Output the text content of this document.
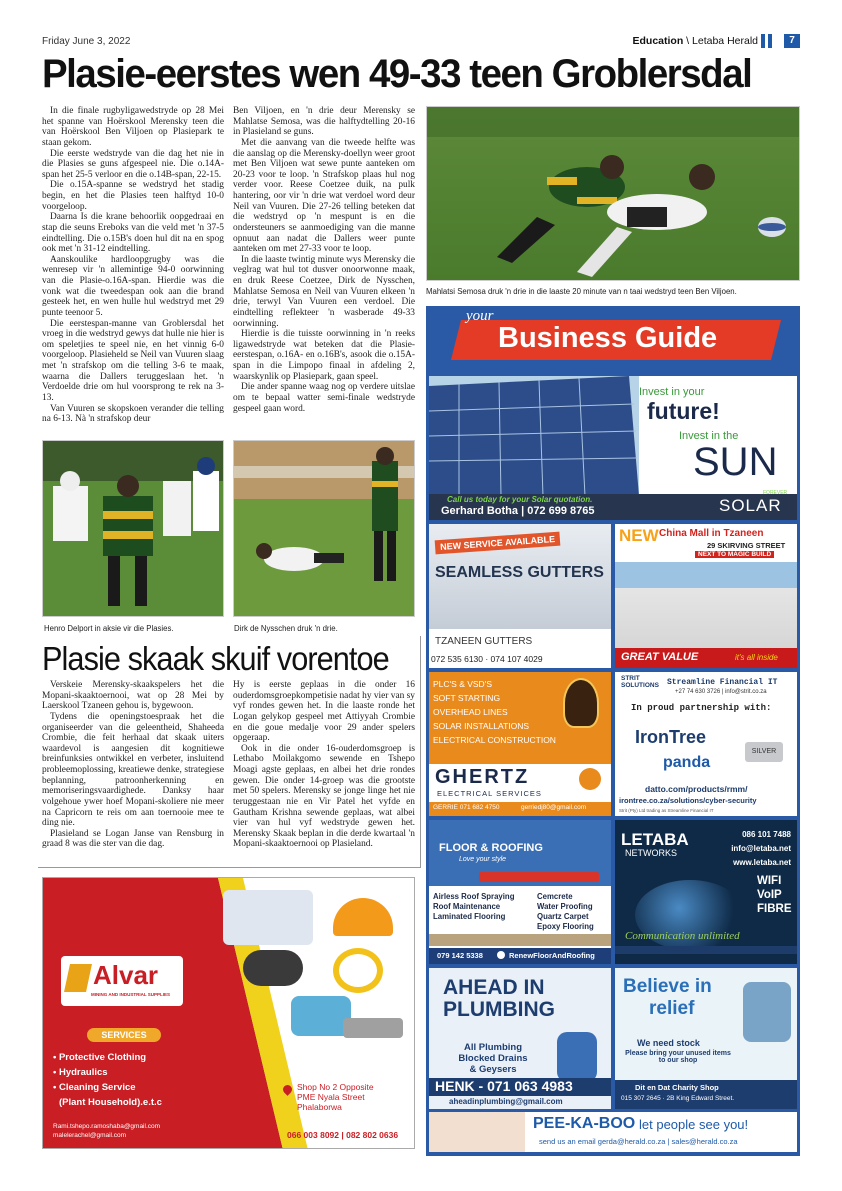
Friday June 3, 2022	Education \ Letaba Herald	7
Plasie-eerstes wen 49-33 teen Groblersdal

In die finale rugbyligawedstryde op 28 Mei het spanne van Hoërskool Merensky teen die van Hoërskool Ben Viljoen op Plasiepark te staan gekom.

Die eerste wedstryde van die dag het nie in die Plasies se guns afgespeel nie. Die o.14A-span het 25-5 verloor en die o.14B-span, 22-15.

Die o.15A-spanne se wedstryd het stadig begin, en het die Plasies teen halftyd 10-0 voorgeloop.

Daarna Is die krane behoorlik oopgedraai en stap die seuns Ereboks van die veld met 'n 37-5 eindtelling. Die o.15B's doen hul dit na en spog ook met 'n 31-12 eindtelling.

Aanskoulike hardloopgrugby was die wenresep vir 'n allemintige 94-0 oorwinning van die Plasie-o.16A-span. Hierdie was die vonk wat die tweedespan ook aan die brand gesteek het, en wen hulle hul wedstryd met 29 punte teenoor 5.

Die eerstespan-manne van Groblersdal het vroeg in die wedstryd gewys dat hulle nie hier is om speletjies te speel nie, en het vinnig 6-0 voorgeloop. Plasieheld se Neil van Vuuren slaag met 'n strafskop om die telling 3-6 te maak, waarna die Dallers teruggeslaan het. 'n Verdoelde drie om hul voorsprong te rek na 3-13.

Van Vuuren se skopskoen verander die telling na 6-13. Nà 'n strafskop deur

Ben Viljoen, en 'n drie deur Merensky se Mahlatse Semosa, was die halftydtelling 20-16 in Plasieland se guns.

Met die aanvang van die tweede helfte was die aanslag op die Merensky-doellyn weer groot met Ben Viljoen wat sewe punte aanteken om 20-23 voor te loop. 'n Strafskop plaas hul nog verder voor. Reese Coetzee duik, na pulk hantering, oor vir 'n drie wat verdoel word deur Neil van Vuuren. Die 27-26 telling beteken dat die wedstryd op 'n mespunt is en die ondersteuners se aanmoediging van die manne opnuut aan nadat die Dallers weer punte aanteken om met 27-33 voor te loop.

In die laaste twintig minute wys Merensky die veglrag wat hul tot dusver onoorwonne maak, en druk Reese Coetzee, Dirk de Nysschen, Mahlatse Semosa en Neil van Vuuren elkeen 'n drie, terwyl Van Vuuren een verdoel. Die eindtelling reflekteer 'n wasberade 49-33 oorwinning.

Hierdie is die tuisste oorwinning in 'n reeks ligawedstryde wat beteken dat die Plasie-eerstespan, o.16A- en o.16B's, asook die o.15A-span in die Limpopo finaal in afdeling 2, waarskynlik op Plasiepark, gaan speel.

Die ander spanne waag nog op verdere uitslae om te bepaal watter semi-finale wedstryde gespeel gaan word.

Mahlatsi Semosa druk 'n drie in die laaste 20 minute van n taai wedstryd teen Ben Viljoen.
Henro Delport in aksie vir die Plasies.	Dirk de Nysschen druk 'n drie.
Plasie skaak skuif vorentoe

Verskeie Merensky-skaakspelers het die Mopani-skaaktoernooi, wat op 28 Mei by Laerskool Tzaneen gehou is, bygewoon.

Tydens die openingstoespraak het die organiseerder van die geleentheid, Shaheeda Crombie, die feit herhaal dat skaak uiters waardevol is aangesien dit kognitiewe breinfunksies ontwikkel en verbeter, insluitend probleemoplossing, kreatiewe denke, strategiese beplanning, patroonherkenning en memoriseringsvaardighede. Danksy haar volgehoue ywer hoef Mopani-skoliere nie meer na Capricorn te reis om aan toernooie mee te ding nie.

Plasieland se Logan Janse van Rensburg in graad 8 was die ster van die dag.

Hy is eerste geplaas in die onder 16 ouderdomsgroepkompetisie nadat hy vier van sy vyf rondes gewen het. In die laaste ronde het Logan gelykop gespeel met Attiyyah Crombie en die goue medalje voor 29 ander spelers opgeraap.

Ook in die onder 16-ouderdomsgroep is Lethabo Moilakgomo sewende en Tshepo Moagi agste geplaas, en albei het drie rondes gewen. Die onder 14-groep was die grootste met 50 spelers. Merensky se jonge linge het nie teruggestaan nie en Vir Patel het vyfde en Gautham Krishna sewende geplaas, wat albei vier van hul vyf wedstryde gewen het. Merensky Skaak beplan in die derde kwartaal 'n Mopani-skaaktoernooi op Plasieland.

Alvar
MINING AND INDUSTRIAL SUPPLIES
SERVICES
• Protective Clothing
• Hydraulics
• Cleaning Service
(Plant Household).e.t.c
Rami.tshepo.ramoshaba@gmail.com
malelerachel@gmail.com
Shop No 2 Opposite
PME Nyala Street
Phalaborwa
066 003 8092 | 082 802 0636
your
Business Guide
Invest in your
future!
Invest in the
SUN
Call us today for your Solar quotation.
Gerhard Botha | 072 699 8765
FOREVER
SOLAR
NEW SERVICE AVAILABLE
SEAMLESS GUTTERS
TZANEEN GUTTERS
072 535 6130 · 074 107 4029
NEW China Mall in Tzaneen
29 SKIRVING STREET
NEXT TO MAGIC BUILD
GREAT VALUE	it's all inside
PLC'S & VSD'S
SOFT STARTING
OVERHEAD LINES
SOLAR INSTALLATIONS
ELECTRICAL CONSTRUCTION
GHERTZ
ELECTRICAL SERVICES
GERRIE 071 682 4750	gerriedj80@gmail.com
STRIT SOLUTIONS Streamline Financial IT
+27 74 630 3726 | info@strit.co.za
In proud partnership with:
IronTree
panda
SILVER
datto.com/products/rmm/
irontree.co.za/solutions/cyber-security
Strit (Pty) Ltd trading as Streamline Financial IT
FLOOR & ROOFING
Love your style
Airless Roof Spraying
Roof Maintenance
Laminated Flooring
Cemcrete
Water Proofing
Quartz Carpet
Epoxy Flooring
079 142 5338	RenewFloorAndRoofing
LETABA
NETWORKS
086 101 7488
info@letaba.net
www.letaba.net
WIFI
VoIP
FIBRE
Communication unlimited
AHEAD IN
PLUMBING
All Plumbing
Blocked Drains
& Geysers
HENK - 071 063 4983
aheadinplumbing@gmail.com
Believe in
relief
We need stock
Please bring your unused items to our shop
Dit en Dat Charity Shop
015 307 2645 · 2B King Edward Street.
PEE-KA-BOO let people see you!
send us an email gerda@herald.co.za | sales@herald.co.za
